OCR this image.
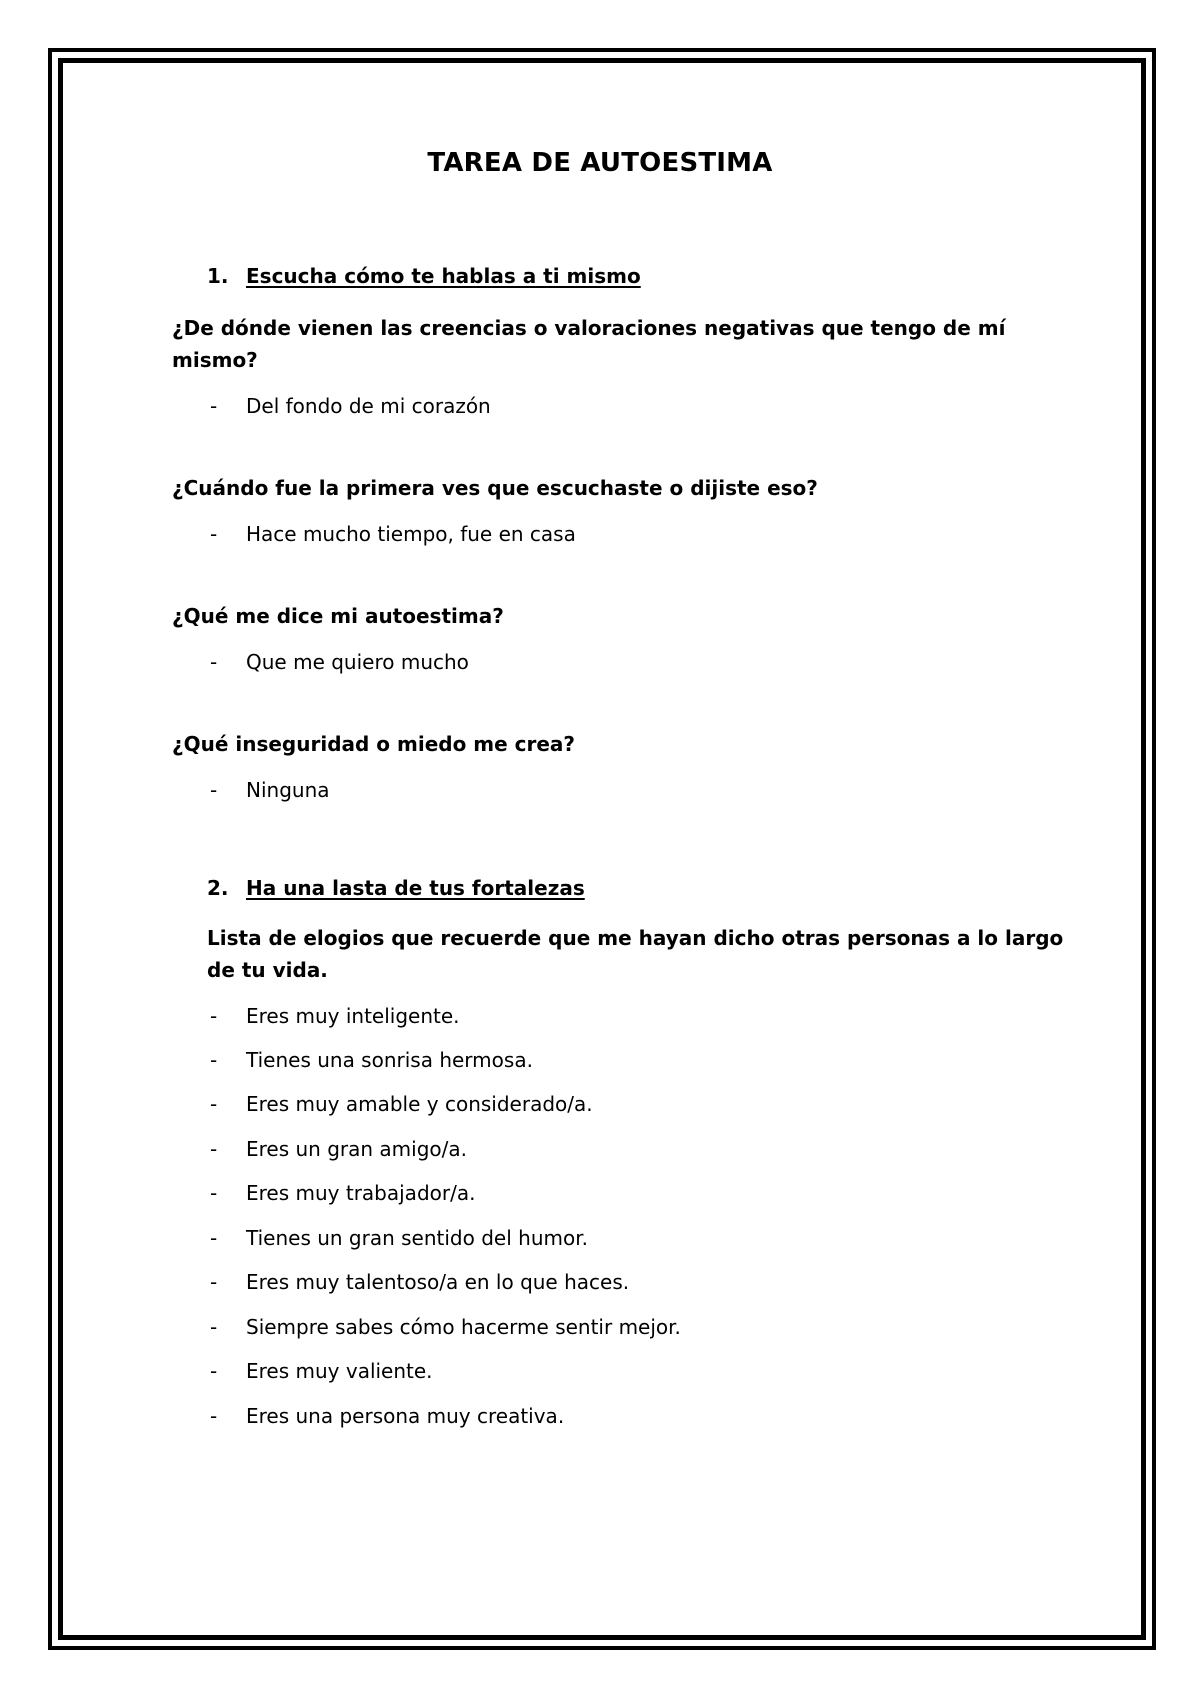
TAREA DE AUTOESTIMA
1. Escucha cómo te hablas a ti mismo
¿De dónde vienen las creencias o valoraciones negativas que tengo de mí
mismo?
- Del fondo de mi corazón
¿Cuándo fue la primera ves que escuchaste o dijiste eso?
- Hace mucho tiempo, fue en casa
¿Qué me dice mi autoestima?
- Que me quiero mucho
¿Qué inseguridad o miedo me crea?
- Ninguna
2. Ha una lasta de tus fortalezas
Lista de elogios que recuerde que me hayan dicho otras personas a lo largo
de tu vida.
- Eres muy inteligente.
- Tienes una sonrisa hermosa.
- Eres muy amable y considerado/a.
- Eres un gran amigo/a.
- Eres muy trabajador/a.
- Tienes un gran sentido del humor.
- Eres muy talentoso/a en lo que haces.
- Siempre sabes cómo hacerme sentir mejor.
- Eres muy valiente.
- Eres una persona muy creativa.
